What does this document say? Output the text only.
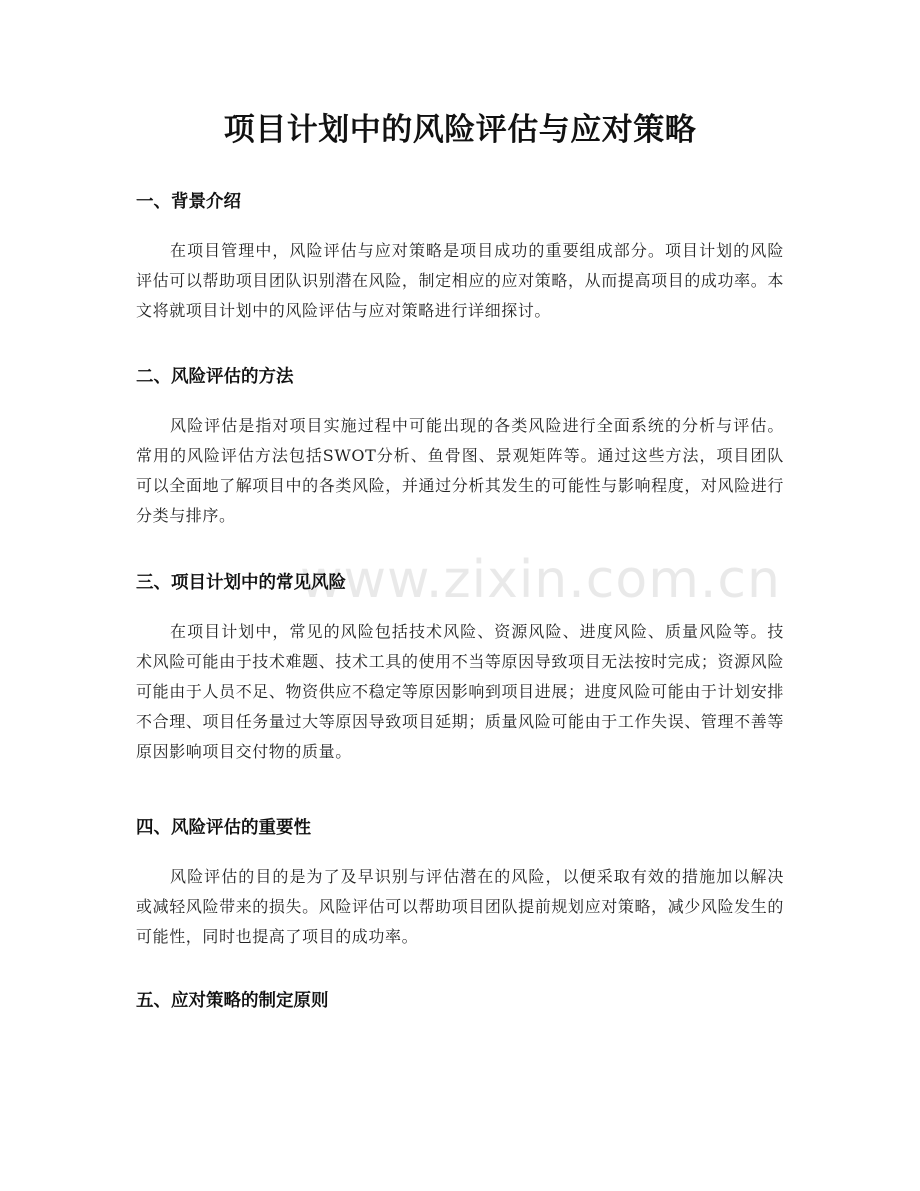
www.zixin.com.cn
项目计划中的风险评估与应对策略
一、背景介绍

在项目管理中，风险评估与应对策略是项目成功的重要组成部分。项目计划的风险评估可以帮助项目团队识别潜在风险，制定相应的应对策略，从而提高项目的成功率。本文将就项目计划中的风险评估与应对策略进行详细探讨。

二、风险评估的方法

风险评估是指对项目实施过程中可能出现的各类风险进行全面系统的分析与评估。常用的风险评估方法包括SWOT分析、鱼骨图、景观矩阵等。通过这些方法，项目团队可以全面地了解项目中的各类风险，并通过分析其发生的可能性与影响程度，对风险进行分类与排序。

三、项目计划中的常见风险

在项目计划中，常见的风险包括技术风险、资源风险、进度风险、质量风险等。技术风险可能由于技术难题、技术工具的使用不当等原因导致项目无法按时完成；资源风险可能由于人员不足、物资供应不稳定等原因影响到项目进展；进度风险可能由于计划安排不合理、项目任务量过大等原因导致项目延期；质量风险可能由于工作失误、管理不善等原因影响项目交付物的质量。

四、风险评估的重要性

风险评估的目的是为了及早识别与评估潜在的风险，以便采取有效的措施加以解决或减轻风险带来的损失。风险评估可以帮助项目团队提前规划应对策略，减少风险发生的可能性，同时也提高了项目的成功率。

五、应对策略的制定原则
